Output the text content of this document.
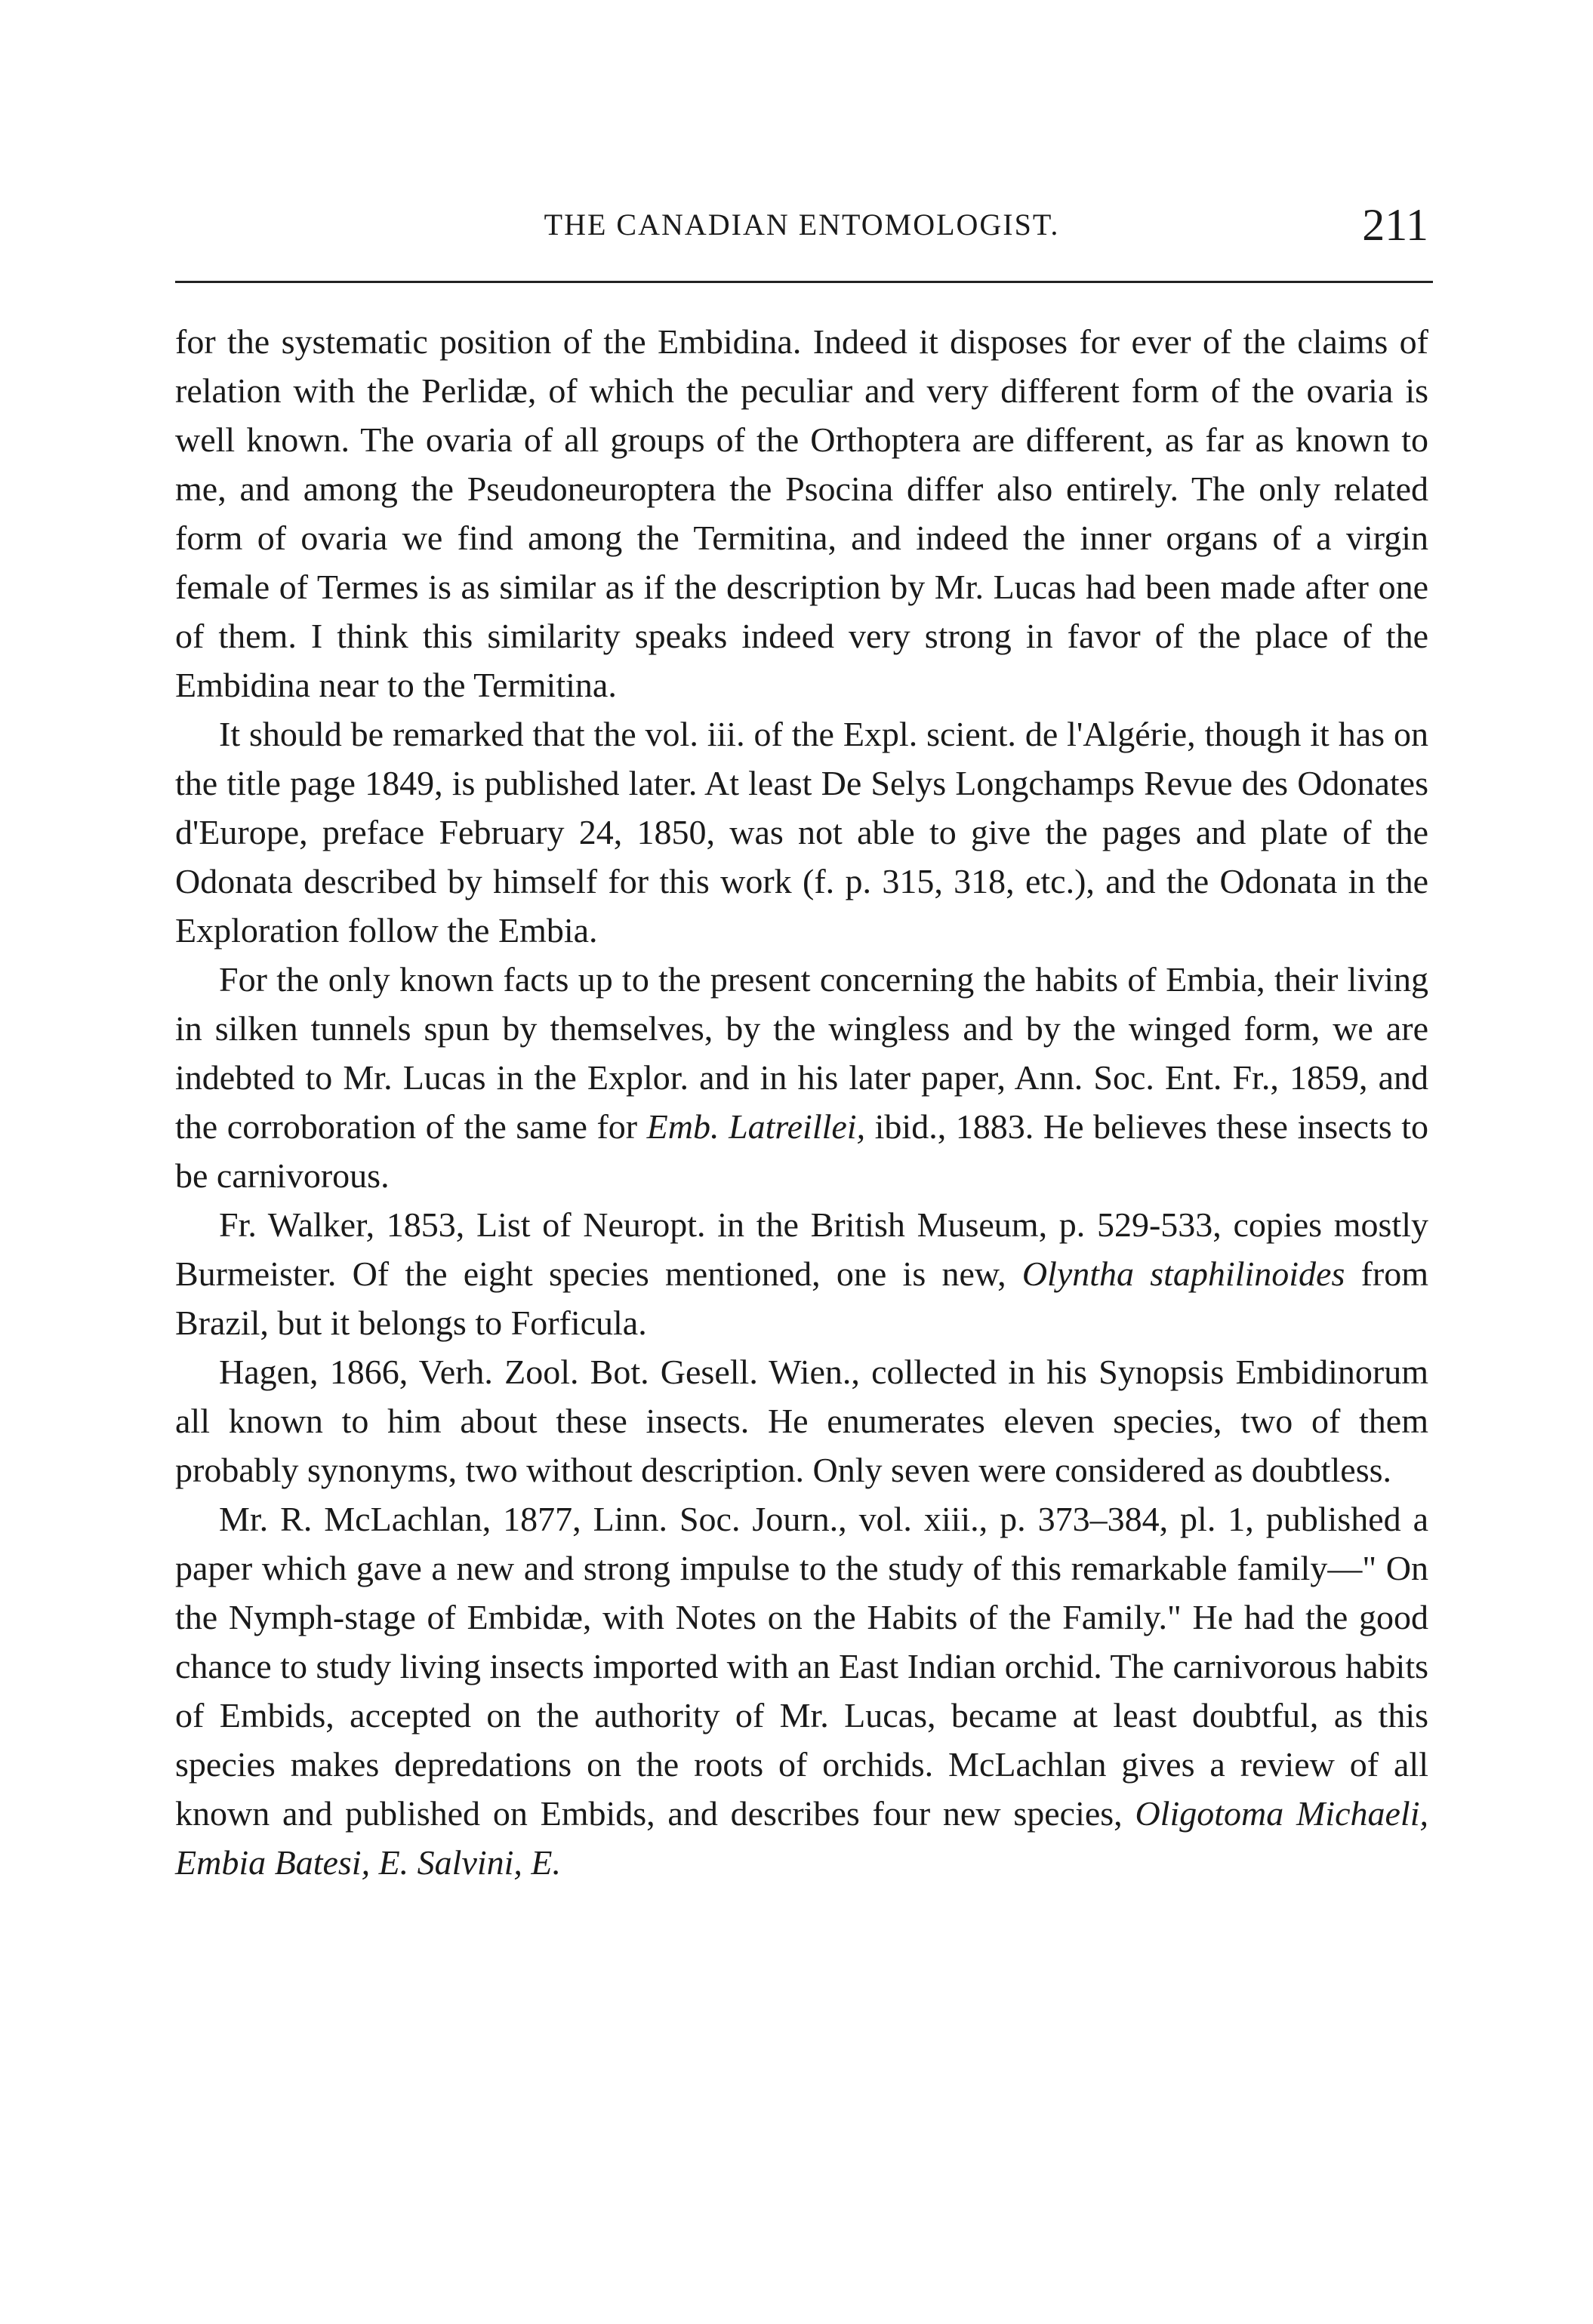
THE CANADIAN ENTOMOLOGIST.	211

for the systematic position of the Embidina. Indeed it disposes for ever of the claims of relation with the Perlidæ, of which the peculiar and very different form of the ovaria is well known. The ovaria of all groups of the Orthoptera are different, as far as known to me, and among the Pseudoneuroptera the Psocina differ also entirely. The only related form of ovaria we find among the Termitina, and indeed the inner organs of a virgin female of Termes is as similar as if the description by Mr. Lucas had been made after one of them. I think this similarity speaks indeed very strong in favor of the place of the Embidina near to the Termitina.

It should be remarked that the vol. iii. of the Expl. scient. de l'Algérie, though it has on the title page 1849, is published later. At least De Selys Longchamps Revue des Odonates d'Europe, preface February 24, 1850, was not able to give the pages and plate of the Odonata described by himself for this work (f. p. 315, 318, etc.), and the Odonata in the Exploration follow the Embia.

For the only known facts up to the present concerning the habits of Embia, their living in silken tunnels spun by themselves, by the wingless and by the winged form, we are indebted to Mr. Lucas in the Explor. and in his later paper, Ann. Soc. Ent. Fr., 1859, and the corroboration of the same for Emb. Latreillei, ibid., 1883. He believes these insects to be carnivorous.

Fr. Walker, 1853, List of Neuropt. in the British Museum, p. 529-533, copies mostly Burmeister. Of the eight species mentioned, one is new, Olyntha staphilinoides from Brazil, but it belongs to Forficula.

Hagen, 1866, Verh. Zool. Bot. Gesell. Wien., collected in his Synopsis Embidinorum all known to him about these insects. He enumerates eleven species, two of them probably synonyms, two without description. Only seven were considered as doubtless.

Mr. R. McLachlan, 1877, Linn. Soc. Journ., vol. xiii., p. 373–384, pl. 1, published a paper which gave a new and strong impulse to the study of this remarkable family—" On the Nymph-stage of Embidæ, with Notes on the Habits of the Family." He had the good chance to study living insects imported with an East Indian orchid. The carnivorous habits of Embids, accepted on the authority of Mr. Lucas, became at least doubtful, as this species makes depredations on the roots of orchids. McLachlan gives a review of all known and published on Embids, and describes four new species, Oligotoma Michaeli, Embia Batesi, E. Salvini, E.
